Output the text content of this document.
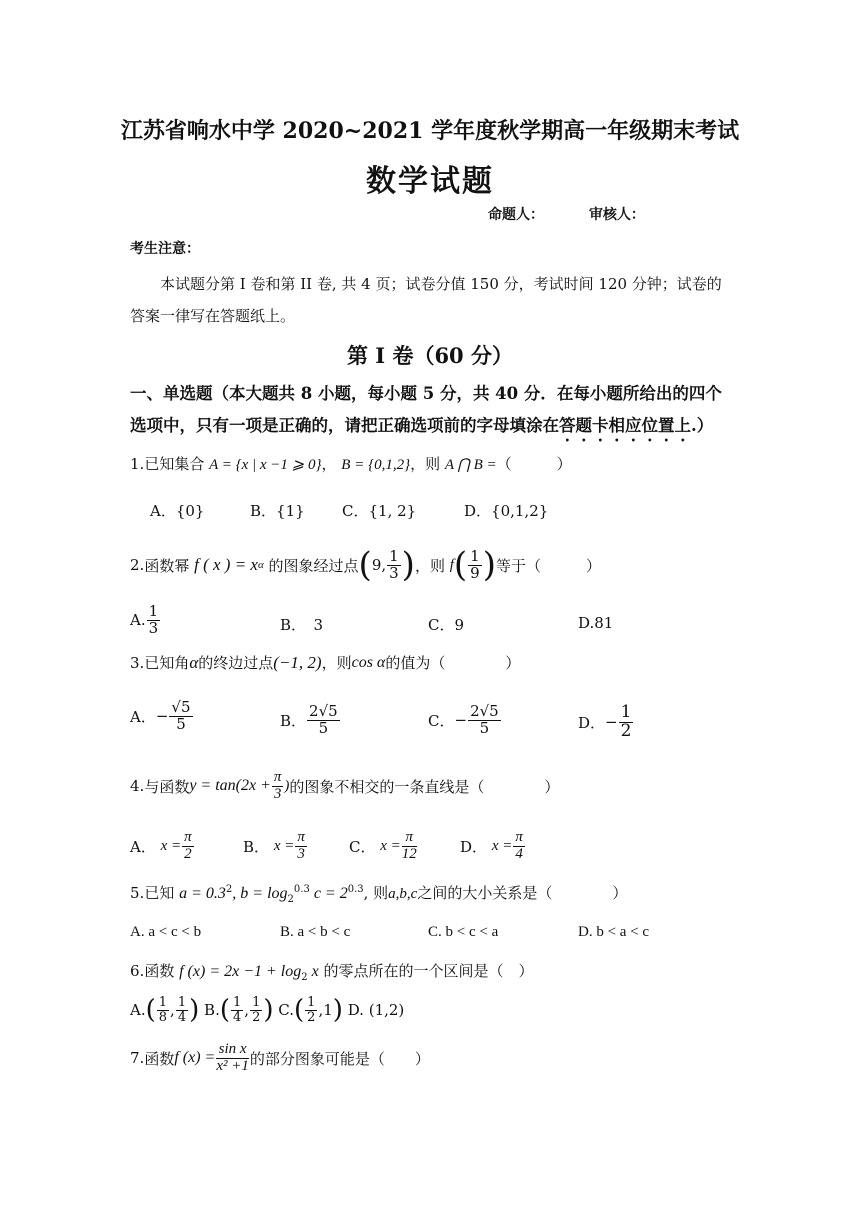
江苏省响水中学 2020~2021 学年度秋学期高一年级期末考试
数学试题
命题人：	审核人：
考生注意：
本试题分第 I 卷和第 II 卷, 共 4 页；试卷分值 150 分，考试时间 120 分钟；试卷的答案一律写在答题纸上。
第 I 卷（60 分）
一、单选题（本大题共 8 小题，每小题 5 分，共 40 分．在每小题所给出的四个选项中，只有一项是正确的，请把正确选项前的字母填涂在答题卡相应位置上.）
1.已知集合 A = {x | x −1 ⩾ 0}， B = {0,1,2}，则 A ⋂ B =（　　　）
A．{0}	B．{1} C．{1, 2}	D．{0,1,2}
2. 函数幂
f ( x ) = x α
的图象经过点 ( 9, $\frac{1}{3}$ ) ，则
f ( $\frac{1}{9}$ ) 等于（　　　）
A. $\frac{1}{3}$	B．　3	C．9	D.81
3. 已知角 α 的终边过点 (−1, 2) ，则 cos α 的值为（　　　　）
A． − $\frac{√5}{5}$	B． $\frac{2√5}{5}$	C． − $\frac{2√5}{5}$	D． − $\frac{1}{2}$
4. 与函数 $y = \tan(2x + \frac{\pi}{3}$ ) 的图象不相交的一条直线是（　　　　）
A．
$x = \frac{\pi}{2}$	B．
$x = \frac{\pi}{3}$	C．
$x = \frac{\pi}{12}$	D．
$x = \frac{\pi}{4}$
5.已知 $a = 0.3^2$, $b = \log_2^{0.3} c = 2^{0.3}$, 则a,b,c之间的大小关系是（　　　　）
A. a < c < b	B. a < b < c	C. b < c < a	D. b < a < c
6.函数 f $(x) = 2x -1 + \log_2 x$ 的零点所在的一个区间是（　）
A. ( $\frac{1}{8}$ , $\frac{1}{4}$ )
B. ( $\frac{1}{4}$ , $\frac{1}{2}$ )
C. ( $\frac{1}{2} ,1$ )
D. (1,2)
7. 函数 f $(x) = \frac{\text{sin x}}{\text{x² +1}}$ 的部分图象可能是（　　）
